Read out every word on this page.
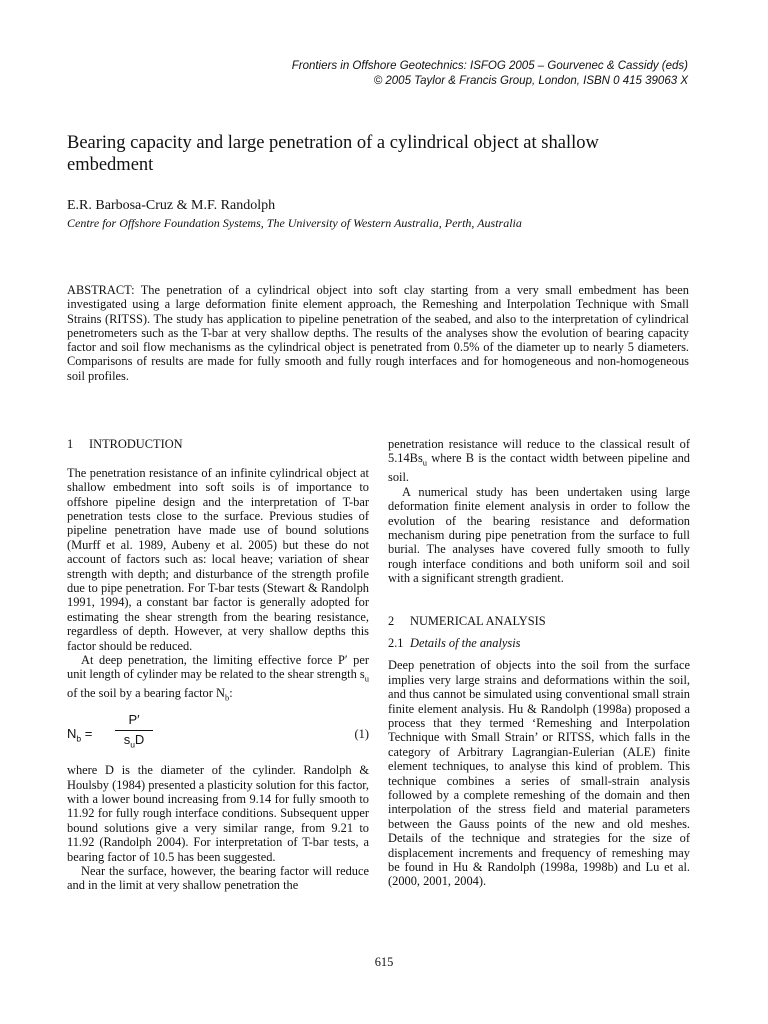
Frontiers in Offshore Geotechnics: ISFOG 2005 – Gourvenec & Cassidy (eds)
© 2005 Taylor & Francis Group, London, ISBN 0 415 39063 X
Bearing capacity and large penetration of a cylindrical object at shallow embedment
E.R. Barbosa-Cruz & M.F. Randolph
Centre for Offshore Foundation Systems, The University of Western Australia, Perth, Australia

ABSTRACT: The penetration of a cylindrical object into soft clay starting from a very small embedment has been investigated using a large deformation finite element approach, the Remeshing and Interpolation Technique with Small Strains (RITSS). The study has application to pipeline penetration of the seabed, and also to the interpretation of cylindrical penetrometers such as the T-bar at very shallow depths. The results of the analyses show the evolution of bearing capacity factor and soil flow mechanisms as the cylindrical object is penetrated from 0.5% of the diameter up to nearly 5 diameters. Comparisons of results are made for fully smooth and fully rough interfaces and for homogeneous and non-homogeneous soil profiles.

1 INTRODUCTION

The penetration resistance of an infinite cylindrical object at shallow embedment into soft soils is of importance to offshore pipeline design and the interpretation of T-bar penetration tests close to the surface. Previous studies of pipeline penetration have made use of bound solutions (Murff et al. 1989, Aubeny et al. 2005) but these do not account of factors such as: local heave; variation of shear strength with depth; and disturbance of the strength profile due to pipe penetration. For T-bar tests (Stewart & Randolph 1991, 1994), a constant bar factor is generally adopted for estimating the shear strength from the bearing resistance, regardless of depth. However, at very shallow depths this factor should be reduced.

At deep penetration, the limiting effective force P′ per unit length of cylinder may be related to the shear strength $s_u$ of the soil by a bearing factor $N_b$:

$N_b$ =
P′
$s_uD$	(1)

where D is the diameter of the cylinder. Randolph & Houlsby (1984) presented a plasticity solution for this factor, with a lower bound increasing from 9.14 for fully smooth to 11.92 for fully rough interface conditions. Subsequent upper bound solutions give a very similar range, from 9.21 to 11.92 (Randolph 2004). For interpretation of T-bar tests, a bearing factor of 10.5 has been suggested.

Near the surface, however, the bearing factor will reduce and in the limit at very shallow penetration the

penetration resistance will reduce to the classical result of $5.14Bs_u$ where B is the contact width between pipeline and soil.

A numerical study has been undertaken using large deformation finite element analysis in order to follow the evolution of the bearing resistance and deformation mechanism during pipe penetration from the surface to full burial. The analyses have covered fully smooth to fully rough interface conditions and both uniform soil and soil with a significant strength gradient.

2 NUMERICAL ANALYSIS
2.1 Details of the analysis

Deep penetration of objects into the soil from the surface implies very large strains and deformations within the soil, and thus cannot be simulated using conventional small strain finite element analysis. Hu & Randolph (1998a) proposed a process that they termed ‘Remeshing and Interpolation Technique with Small Strain’ or RITSS, which falls in the category of Arbitrary Lagrangian-Eulerian (ALE) finite element techniques, to analyse this kind of problem. This technique combines a series of small-strain analysis followed by a complete remeshing of the domain and then interpolation of the stress field and material parameters between the Gauss points of the new and old meshes. Details of the technique and strategies for the size of displacement increments and frequency of remeshing may be found in Hu & Randolph (1998a, 1998b) and Lu et al. (2000, 2001, 2004).

615
